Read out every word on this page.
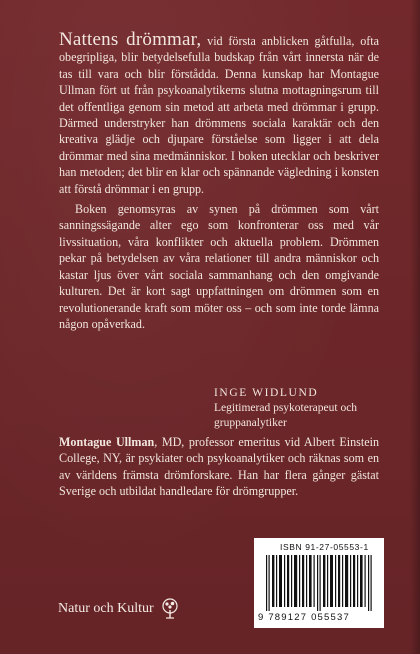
Nattens drömmar, vid första anblicken gåtfulla, ofta obegripliga, blir betydelsefulla budskap från vårt innersta när de tas till vara och blir förstådda. Denna kunskap har Montague Ullman fört ut från psykoanalytikerns slutna mottagningsrum till det offentliga genom sin metod att arbeta med drömmar i grupp. Därmed understryker han drömmens sociala karaktär och den kreativa glädje och djupare förståelse som ligger i att dela drömmar med sina medmänniskor. I boken utecklar och beskriver han metoden; det blir en klar och spännande vägledning i konsten att förstå drömmar i en grupp.

Boken genomsyras av synen på drömmen som vårt sanningssägande alter ego som konfronterar oss med vår livssituation, våra konflikter och aktuella problem. Drömmen pekar på betydelsen av våra relationer till andra människor och kastar ljus över vårt sociala sammanhang och den omgivande kulturen. Det är kort sagt uppfattningen om drömmen som en revolutionerande kraft som möter oss – och som inte torde lämna någon opåverkad.

INGE WIDLUND
Legitimerad psykoterapeut och gruppanalytiker
Montague Ullman, MD, professor emeritus vid Albert Einstein College, NY, är psykiater och psykoanalytiker och räknas som en av världens främsta drömforskare. Han har flera gånger gästat Sverige och utbildat handledare för drömgrupper.
Natur och Kultur
ISBN 91-27-05553-1
9 789127 055537
